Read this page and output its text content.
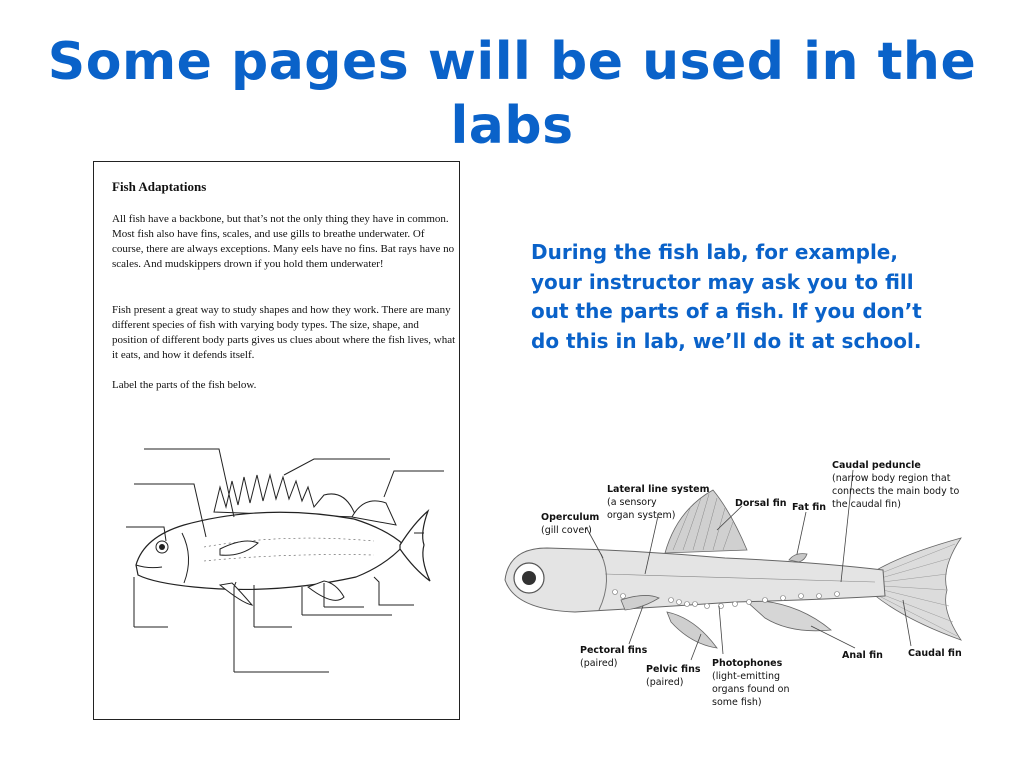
Some pages will be used in the labs
Fish Adaptations

All fish have a backbone, but that’s not the only thing they have in common. Most fish also have fins, scales, and use gills to breathe underwater. Of course, there are always exceptions. Many eels have no fins. Bat rays have no scales. And mudskippers drown if you hold them underwater!

Fish present a great way to study shapes and how they work. There are many different species of fish with varying body types. The size, shape, and position of different body parts gives us clues about where the fish lives, what it eats, and how it defends itself.

Label the parts of the fish below.

During the fish lab, for example, your instructor may ask you to fill out the parts of a fish. If you don’t do this in lab, we’ll do it at school.

Caudal peduncle
(narrow body region that
connects the main body to
the caudal fin)
Lateral line system
(a sensory
organ system)
Dorsal fin Fat fin
Operculum
(gill cover)
Pectoral fins
(paired)
Pelvic fins
(paired)
Photophones
(light-emitting
organs found on
some fish)
Anal fin	Caudal fin
